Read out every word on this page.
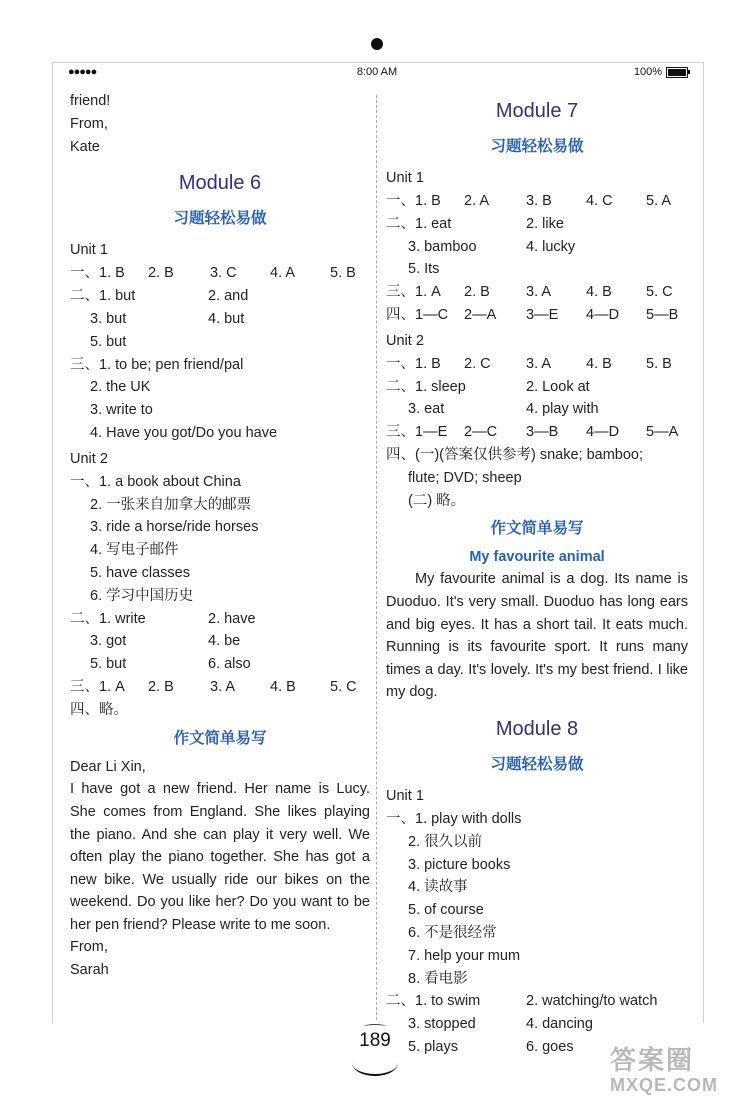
●●●●●	8:00 AM	100%
friend!
From,
Kate
Module 6
习题轻松易做
Unit 1
一、1. B 2. B 3. C 4. A 5. B
二、1. but	2. and
3. but	4. but
5. but
三、1. to be; pen friend/pal
2. the UK
3. write to
4. Have you got/Do you have
Unit 2
一、1. a book about China
2. 一张来自加拿大的邮票
3. ride a horse/ride horses
4. 写电子邮件
5. have classes
6. 学习中国历史
二、1. write	2. have
3. got	4. be
5. but	6. also
三、1. A 2. B 3. A 4. B 5. C
四、略。
作文简单易写
Dear Li Xin,
I have got a new friend. Her name is Lucy. She comes from England. She likes playing the piano. And she can play it very well. We often play the piano together. She has got a new bike. We usually ride our bikes on the weekend. Do you like her? Do you want to be her pen friend? Please write to me soon.
From,
Sarah
Module 7
习题轻松易做
Unit 1
一、1. B 2. A	3. B 4. C 5. A
二、1. eat	2. like
3. bamboo	4. lucky
5. Its
三、1. A 2. B 3. A 4. B 5. C
四、1—C 2—A 3—E 4—D 5—B
Unit 2
一、1. B 2. C 3. A 4. B 5. B
二、1. sleep	2. Look at
3. eat	4. play with
三、1—E 2—C 3—B 4—D 5—A
四、(一)(答案仅供参考) snake; bamboo;
flute; DVD; sheep
(二) 略。
作文简单易写
My favourite animal
My favourite animal is a dog. Its name is Duoduo. It's very small. Duoduo has long ears and big eyes. It has a short tail. It eats much. Running is its favourite sport. It runs many times a day. It's lovely. It's my best friend. I like my dog.
Module 8
习题轻松易做
Unit 1
一、1. play with dolls
2. 很久以前
3. picture books
4. 读故事
5. of course
6. 不是很经常
7. help your mum
8. 看电影
二、1. to swim	2. watching/to watch
3. stopped	4. dancing
5. plays	6. goes
189
答案圈
MXQE.COM
